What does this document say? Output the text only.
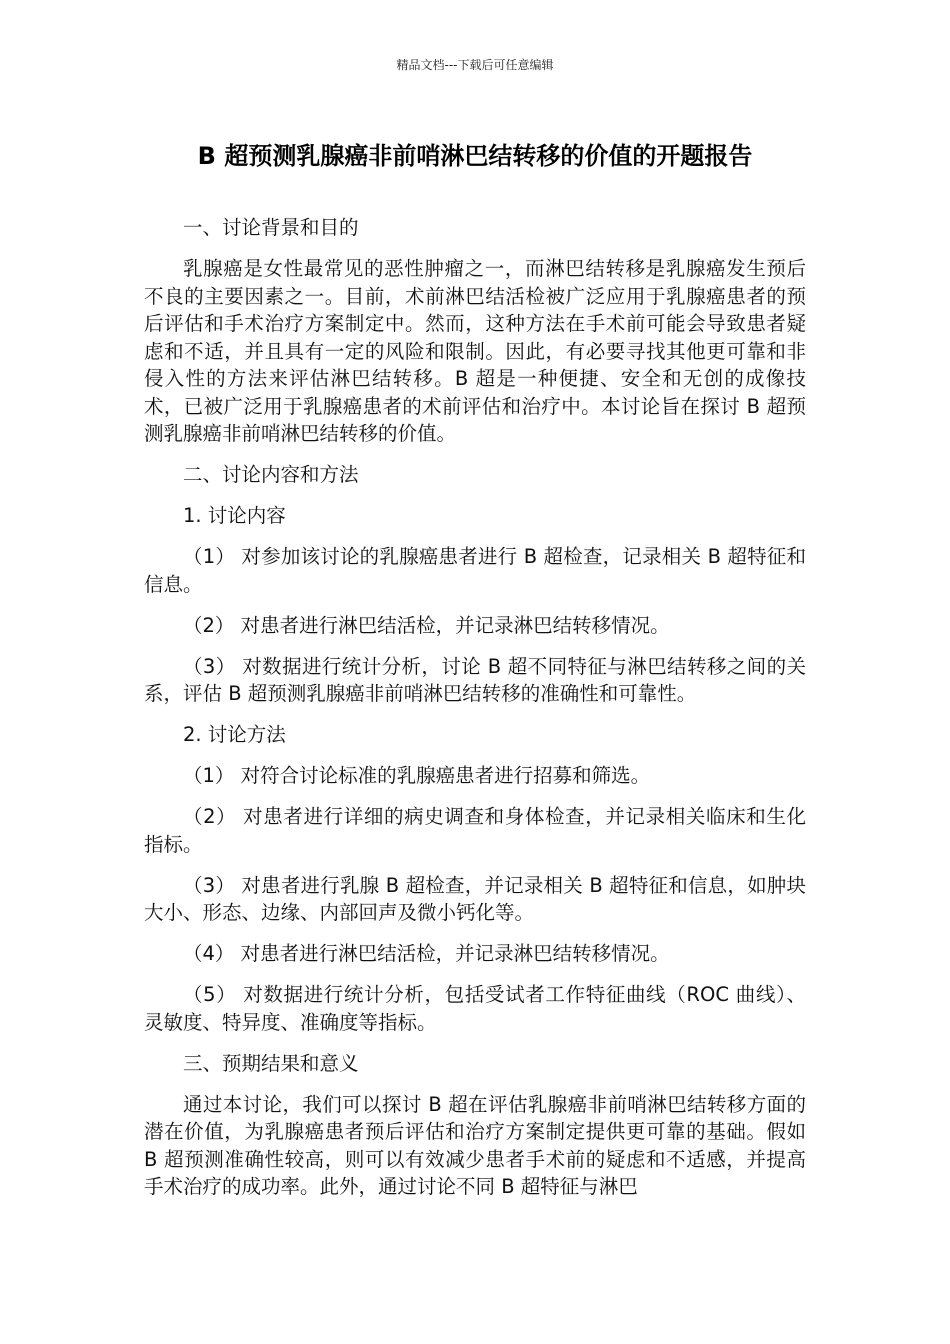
精品文档---下载后可任意编辑
B 超预测乳腺癌非前哨淋巴结转移的价值的开题报告

一、讨论背景和目的

乳腺癌是女性最常见的恶性肿瘤之一，而淋巴结转移是乳腺癌发生预后不良的主要因素之一。目前，术前淋巴结活检被广泛应用于乳腺癌患者的预后评估和手术治疗方案制定中。然而，这种方法在手术前可能会导致患者疑虑和不适，并且具有一定的风险和限制。因此，有必要寻找其他更可靠和非侵入性的方法来评估淋巴结转移。B 超是一种便捷、安全和无创的成像技术，已被广泛用于乳腺癌患者的术前评估和治疗中。本讨论旨在探讨 B 超预测乳腺癌非前哨淋巴结转移的价值。

二、讨论内容和方法

1. 讨论内容

（1） 对参加该讨论的乳腺癌患者进行 B 超检查，记录相关 B 超特征和信息。

（2） 对患者进行淋巴结活检，并记录淋巴结转移情况。

（3） 对数据进行统计分析，讨论 B 超不同特征与淋巴结转移之间的关系，评估 B 超预测乳腺癌非前哨淋巴结转移的准确性和可靠性。

2. 讨论方法

（1） 对符合讨论标准的乳腺癌患者进行招募和筛选。

（2） 对患者进行详细的病史调查和身体检查，并记录相关临床和生化指标。

（3） 对患者进行乳腺 B 超检查，并记录相关 B 超特征和信息，如肿块大小、形态、边缘、内部回声及微小钙化等。

（4） 对患者进行淋巴结活检，并记录淋巴结转移情况。

（5） 对数据进行统计分析，包括受试者工作特征曲线（ROC 曲线）、灵敏度、特异度、准确度等指标。

三、预期结果和意义

通过本讨论，我们可以探讨 B 超在评估乳腺癌非前哨淋巴结转移方面的潜在价值，为乳腺癌患者预后评估和治疗方案制定提供更可靠的基础。假如 B 超预测准确性较高，则可以有效减少患者手术前的疑虑和不适感，并提高手术治疗的成功率。此外，通过讨论不同 B 超特征与淋巴
